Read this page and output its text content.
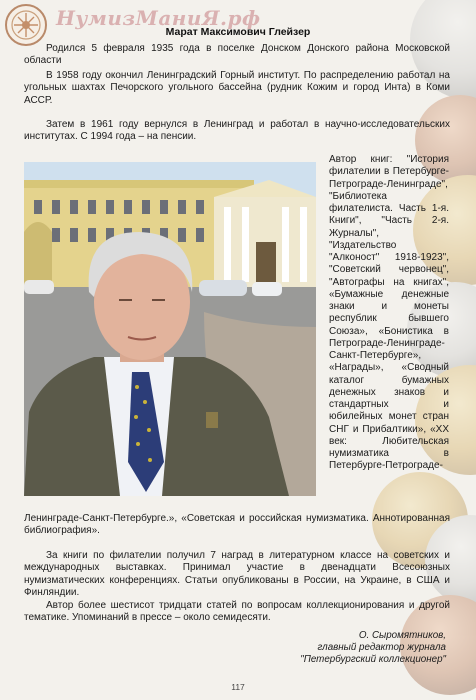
НумизМаниЯ.рф
Марат Максимович Глейзер

Родился 5 февраля 1935 года в поселке Донском Донского района Московской области

В 1958 году окончил Ленинградский Горный институт. По распределению работал на угольных шахтах Печорского угольного бассейна (рудник Кожим и город Инта) в Коми АССР.

Затем в 1961 году вернулся в Ленинград и работал в научно-исследовательских институтах. С 1994 года – на пенсии.

Автор книг: "История филателии в Петербурге-Петрограде-Ленинграде", "Библиотека филателиста. Часть 1-я. Книги", "Часть 2-я. Журналы", "Издательство "Алконост" 1918-1923", "Советский червонец", "Автографы на книгах", «Бумажные денежные знаки и монеты республик бывшего Союза», «Бонистика в Петрограде-Ленинграде-Санкт-Петербурге», «Награды», «Сводный каталог бумажных денежных знаков и стандартных и юбилейных монет стран СНГ и Прибалтики», «XX век: Любительская нумизматика в Петербурге-Петрограде-

Ленинграде-Санкт-Петербурге.», «Советская и российская нумизматика. Аннотированная библиография».

За книги по филателии получил 7 наград в литературном классе на советских и международных выставках. Принимал участие в двенадцати Всесоюзных нумизматических конференциях. Статьи опубликованы в России, на Украине, в США и Финляндии.

Автор более шестисот тридцати статей по вопросам коллекционирования и другой тематике. Упоминаний в прессе – около семидесяти.

О. Сыромятников,
главный редактор журнала
"Петербургский коллекционер"
117
